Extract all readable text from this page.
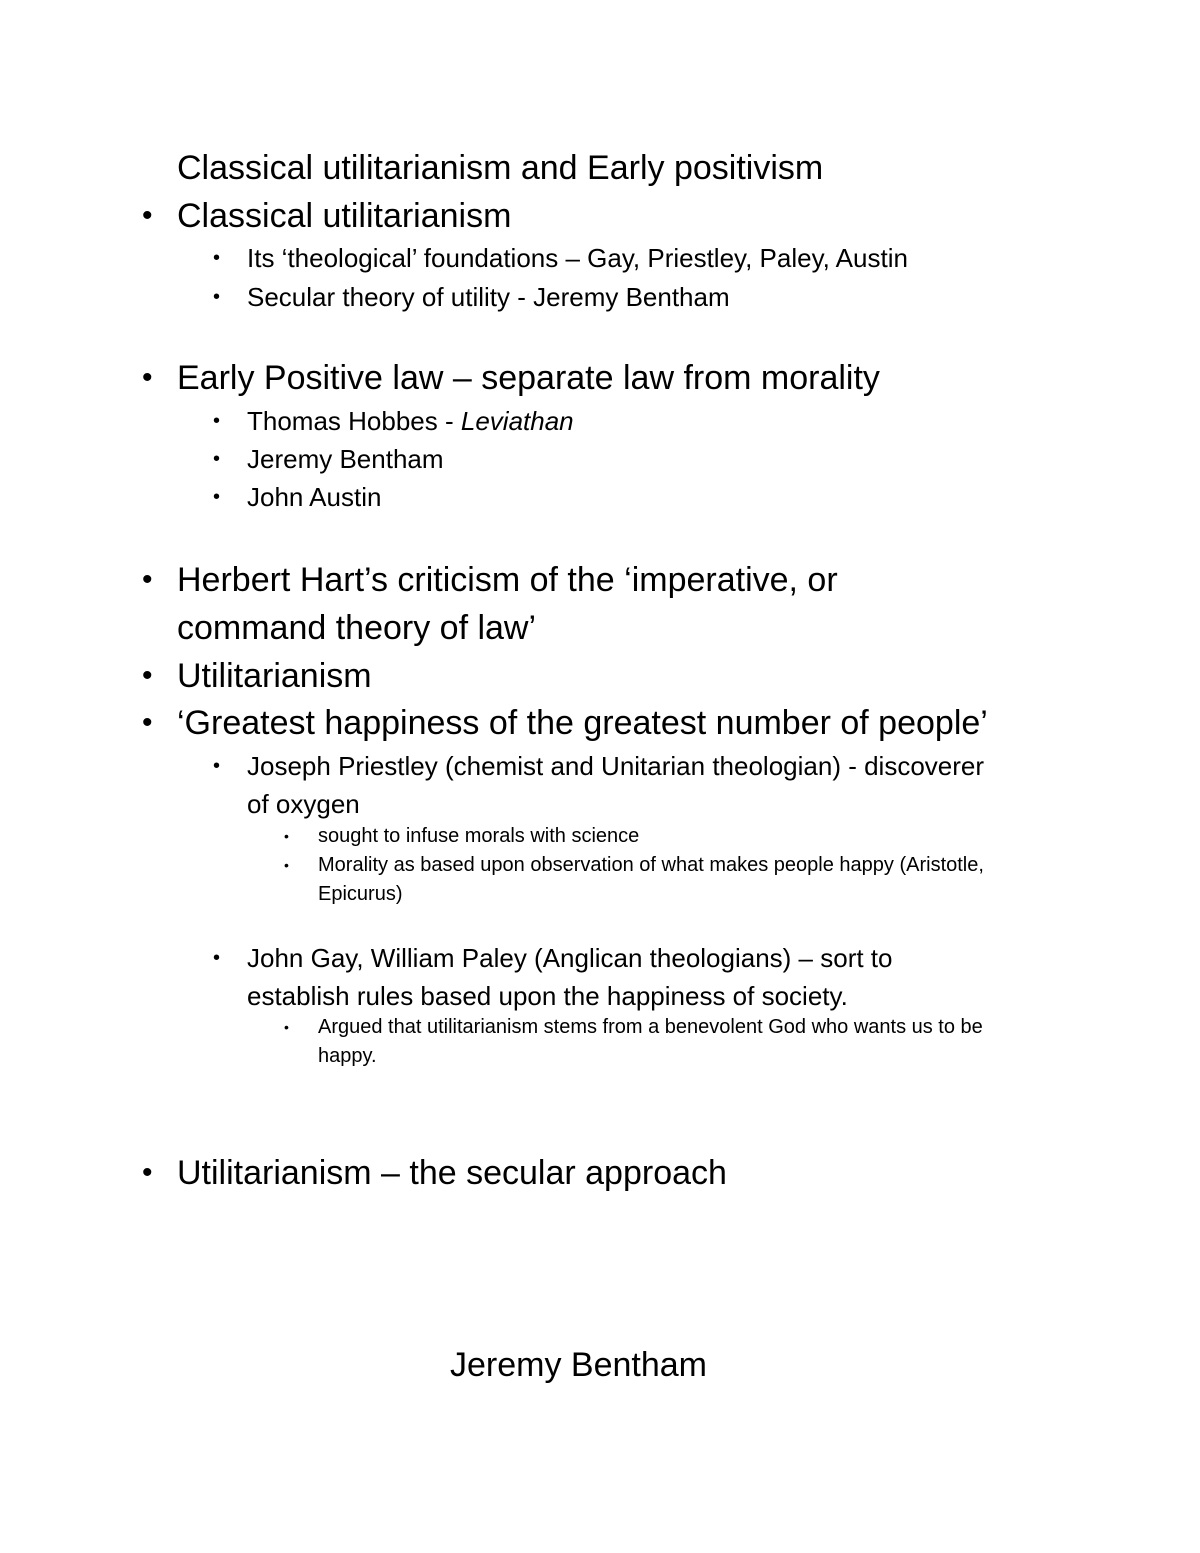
Classical utilitarianism and Early positivism

• Classical utilitarianism

• Its ‘theological’ foundations – Gay, Priestley, Paley, Austin

• Secular theory of utility - Jeremy Bentham

• Early Positive law – separate law from morality

• Thomas Hobbes - Leviathan

• Jeremy Bentham

• John Austin

• Herbert Hart’s criticism of the ‘imperative, or

command theory of law’

• Utilitarianism

• ‘Greatest happiness of the greatest number of people’

• Joseph Priestley (chemist and Unitarian theologian) - discoverer

of oxygen

• sought to infuse morals with science

• Morality as based upon observation of what makes people happy (Aristotle,

Epicurus)

• John Gay, William Paley (Anglican theologians) – sort to

establish rules based upon the happiness of society.

• Argued that utilitarianism stems from a benevolent God who wants us to be

happy.

• Utilitarianism – the secular approach

Jeremy Bentham
